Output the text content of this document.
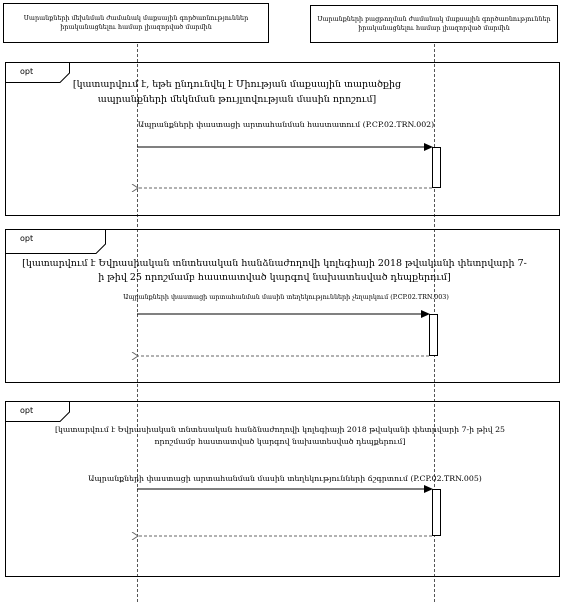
Սարանքների մեխնման ժամանակ մաքսային գործառնություններ իրականացնելու համար լիազորված մարմին
Սարանքների բացթողման ժամանակ մաքսային գործառնություններ իրականացնելու համար լիազորված մարմին
opt
[կատարվում է, եթե ընդունվել է Միության մաքսային տարածքից ապրանքների մեկնման թույլտվության մասին որոշում]
Ապրանքների փաստացի արտահանման հաստատում (P.CP.02.TRN.002)
opt
[կատարվում է Եվրասիական տնտեսական հանձնաժողովի կոլեգիայի 2018 թվականի փետրվարի 7-ի թիվ 25 որոշմամբ հաստատված կարգով նախատեսված դեպքերում]
Ապրանքների փաստացի արտահանման մասին տեղեկությունների չեղարկում (P.CP.02.TRN.003)
opt
[կատարվում է Եվրասիական տնտեսական հանձնաժողովի կոլեգիայի 2018 թվականի փետրվարի 7-ի թիվ 25 որոշմամբ հաստատված կարգով նախատեսված դեպքերում]
Ապրանքների փաստացի արտահանման մասին տեղեկությունների ճշգրտում (P.CP.02.TRN.005)
